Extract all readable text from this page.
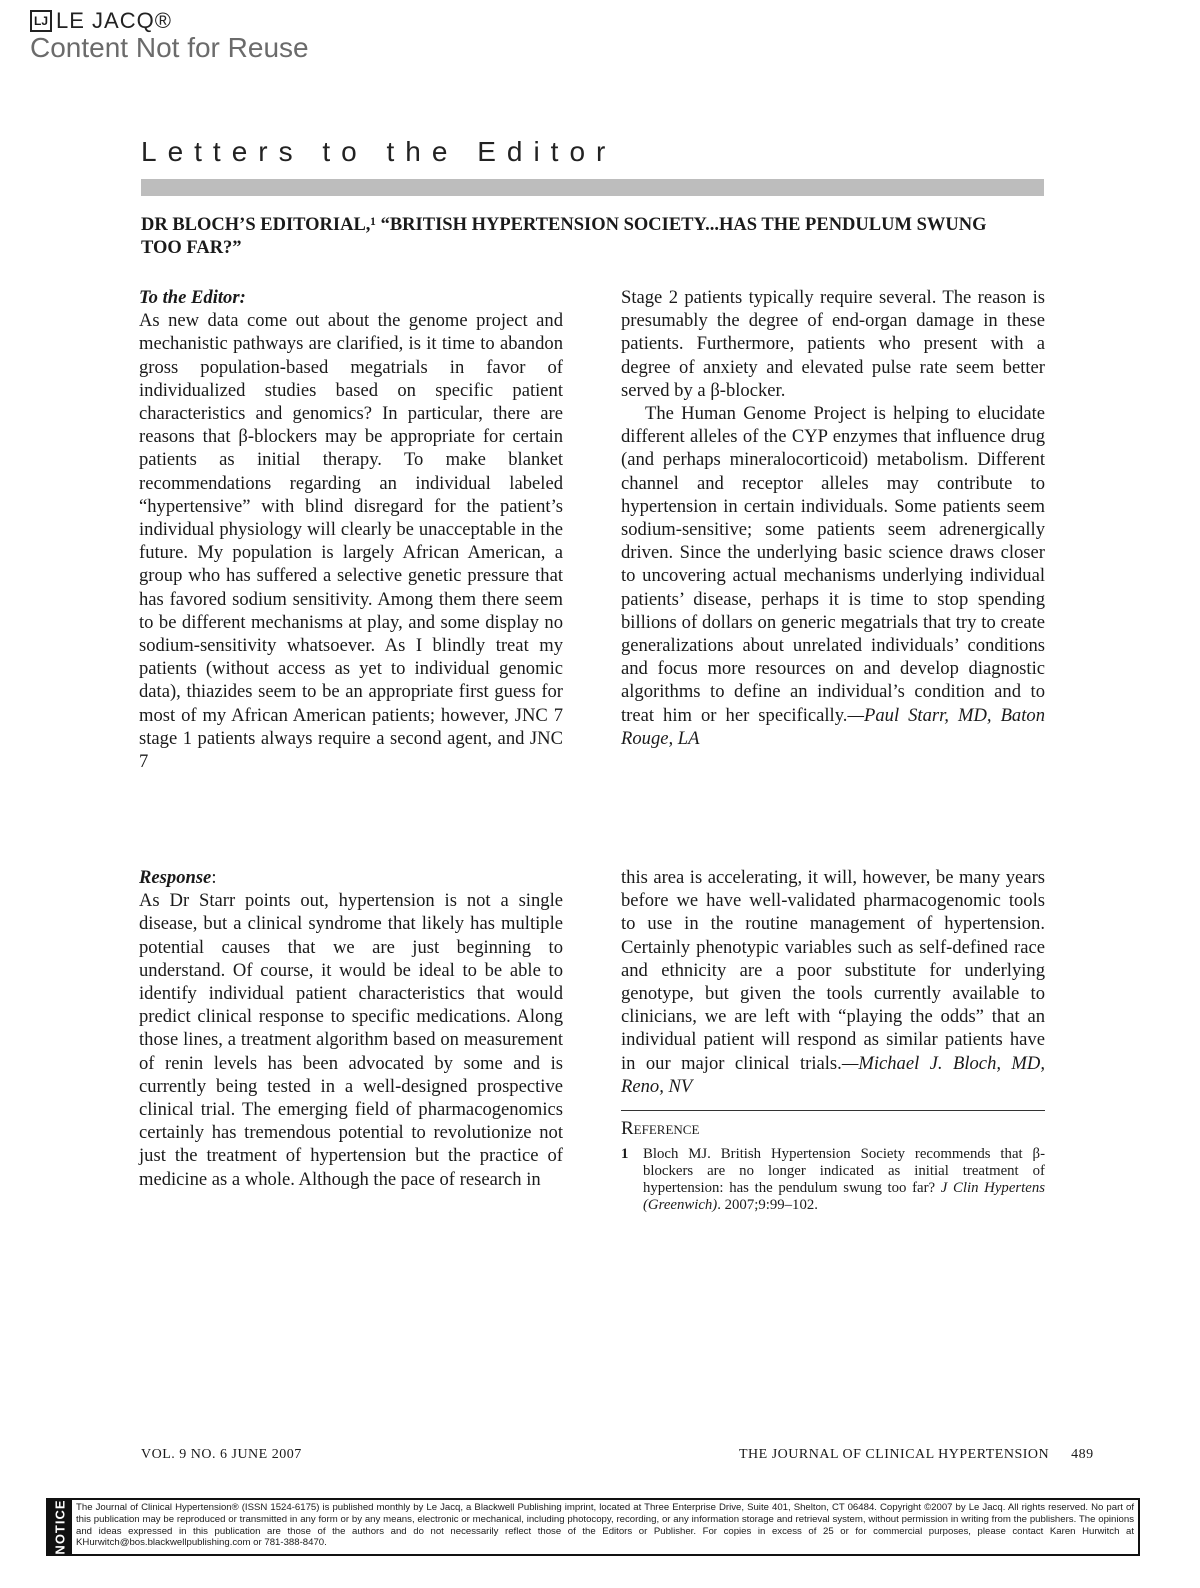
LJ LE JACQ®
Content Not for Reuse
Letters to the Editor
DR BLOCH’S EDITORIAL,¹ “BRITISH HYPERTENSION SOCIETY...HAS THE PENDULUM SWUNG TOO FAR?”

To the Editor:

As new data come out about the genome project and mechanistic pathways are clarified, is it time to abandon gross population-based megatrials in favor of individualized studies based on specific patient characteristics and genomics? In particular, there are reasons that β-blockers may be appropriate for certain patients as initial therapy. To make blanket recommendations regarding an individual labeled “hypertensive” with blind disregard for the patient’s individual physiology will clearly be unacceptable in the future. My population is largely African American, a group who has suffered a selective genetic pressure that has favored sodium sensitivity. Among them there seem to be different mechanisms at play, and some display no sodium-sensitivity whatsoever. As I blindly treat my patients (without access as yet to individual genomic data), thiazides seem to be an appropriate first guess for most of my African American patients; however, JNC 7 stage 1 patients always require a second agent, and JNC 7

Stage 2 patients typically require several. The reason is presumably the degree of end-organ damage in these patients. Furthermore, patients who present with a degree of anxiety and elevated pulse rate seem better served by a β-blocker.

The Human Genome Project is helping to elucidate different alleles of the CYP enzymes that influence drug (and perhaps mineralocorticoid) metabolism. Different channel and receptor alleles may contribute to hypertension in certain individuals. Some patients seem sodium-sensitive; some patients seem adrenergically driven. Since the underlying basic science draws closer to uncovering actual mechanisms underlying individual patients’ disease, perhaps it is time to stop spending billions of dollars on generic megatrials that try to create generalizations about unrelated individuals’ conditions and focus more resources on and develop diagnostic algorithms to define an individual’s condition and to treat him or her specifically.—Paul Starr, MD, Baton Rouge, LA

Response:

As Dr Starr points out, hypertension is not a single disease, but a clinical syndrome that likely has multiple potential causes that we are just beginning to understand. Of course, it would be ideal to be able to identify individual patient characteristics that would predict clinical response to specific medications. Along those lines, a treatment algorithm based on measurement of renin levels has been advocated by some and is currently being tested in a well-designed prospective clinical trial. The emerging field of pharmacogenomics certainly has tremendous potential to revolutionize not just the treatment of hypertension but the practice of medicine as a whole. Although the pace of research in

this area is accelerating, it will, however, be many years before we have well-validated pharmacogenomic tools to use in the routine management of hypertension. Certainly phenotypic variables such as self-defined race and ethnicity are a poor substitute for underlying genotype, but given the tools currently available to clinicians, we are left with “playing the odds” that an individual patient will respond as similar patients have in our major clinical trials.—Michael J. Bloch, MD, Reno, NV

Reference
1 Bloch MJ. British Hypertension Society recommends that β-blockers are no longer indicated as initial treatment of hypertension: has the pendulum swung too far? J Clin Hypertens (Greenwich). 2007;9:99–102.
VOL. 9 NO. 6 JUNE 2007	THE JOURNAL OF CLINICAL HYPERTENSION 489
NOTICE The Journal of Clinical Hypertension® (ISSN 1524-6175) is published monthly by Le Jacq, a Blackwell Publishing imprint, located at Three Enterprise Drive, Suite 401, Shelton, CT 06484. Copyright ©2007 by Le Jacq. All rights reserved. No part of this publication may be reproduced or transmitted in any form or by any means, electronic or mechanical, including photocopy, recording, or any information storage and retrieval system, without permission in writing from the publishers. The opinions and ideas expressed in this publication are those of the authors and do not necessarily reflect those of the Editors or Publisher. For copies in excess of 25 or for commercial purposes, please contact Karen Hurwitch at KHurwitch@bos.blackwellpublishing.com or 781-388-8470.
